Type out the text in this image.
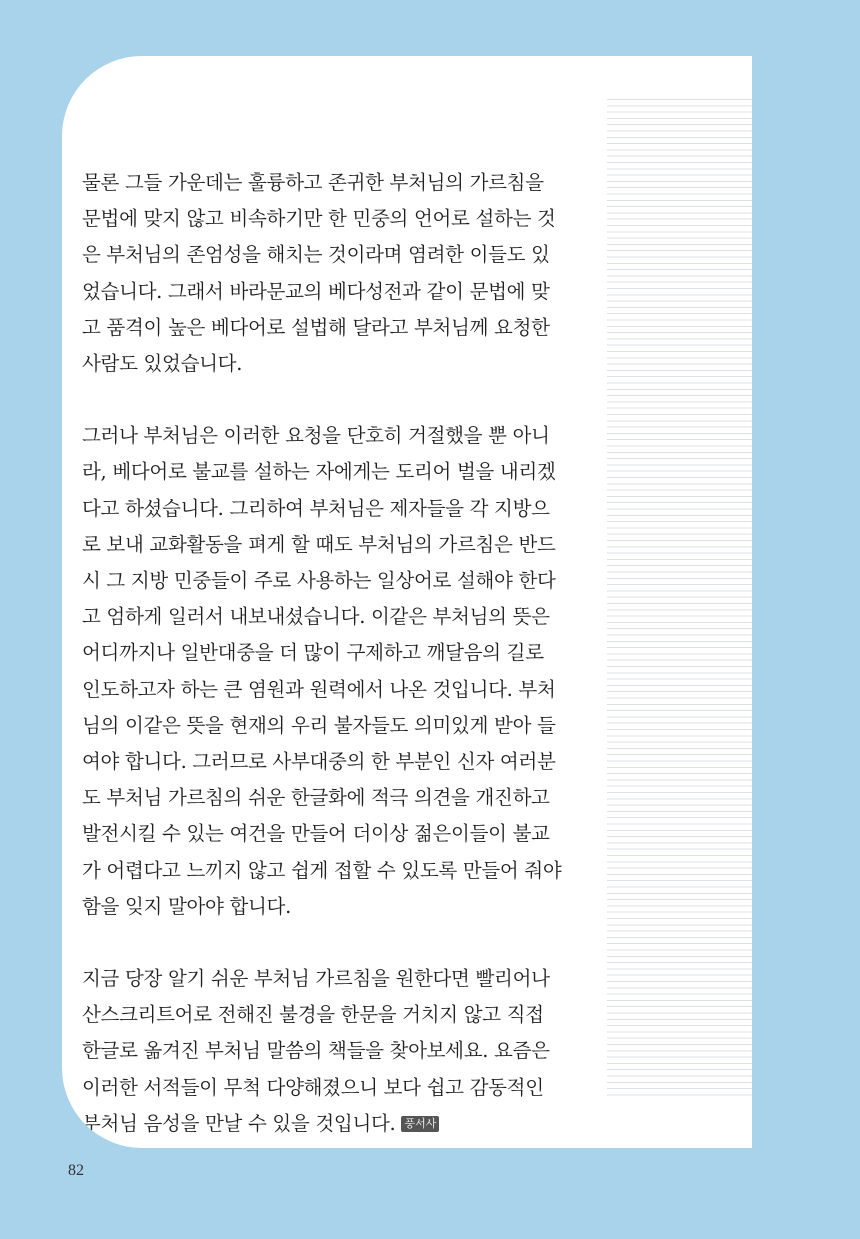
물론 그들 가운데는 훌륭하고 존귀한 부처님의 가르침을
문법에 맞지 않고 비속하기만 한 민중의 언어로 설하는 것
은 부처님의 존엄성을 해치는 것이라며 염려한 이들도 있
었습니다. 그래서 바라문교의 베다성전과 같이 문법에 맞
고 품격이 높은 베다어로 설법해 달라고 부처님께 요청한
사람도 있었습니다.

그러나 부처님은 이러한 요청을 단호히 거절했을 뿐 아니
라, 베다어로 불교를 설하는 자에게는 도리어 벌을 내리겠
다고 하셨습니다. 그리하여 부처님은 제자들을 각 지방으
로 보내 교화활동을 펴게 할 때도 부처님의 가르침은 반드
시 그 지방 민중들이 주로 사용하는 일상어로 설해야 한다
고 엄하게 일러서 내보내셨습니다. 이같은 부처님의 뜻은
어디까지나 일반대중을 더 많이 구제하고 깨달음의 길로
인도하고자 하는 큰 염원과 원력에서 나온 것입니다. 부처
님의 이같은 뜻을 현재의 우리 불자들도 의미있게 받아 들
여야 합니다. 그러므로 사부대중의 한 부분인 신자 여러분
도 부처님 가르침의 쉬운 한글화에 적극 의견을 개진하고
발전시킬 수 있는 여건을 만들어 더이상 젊은이들이 불교
가 어렵다고 느끼지 않고 쉽게 접할 수 있도록 만들어 줘야
함을 잊지 말아야 합니다.

지금 당장 알기 쉬운 부처님 가르침을 원한다면 빨리어나
산스크리트어로 전해진 불경을 한문을 거치지 않고 직접
한글로 옮겨진 부처님 말씀의 책들을 찾아보세요. 요즘은
이러한 서적들이 무척 다양해졌으니 보다 쉽고 감동적인
부처님 음성을 만날 수 있을 것입니다. 풍서사

82
